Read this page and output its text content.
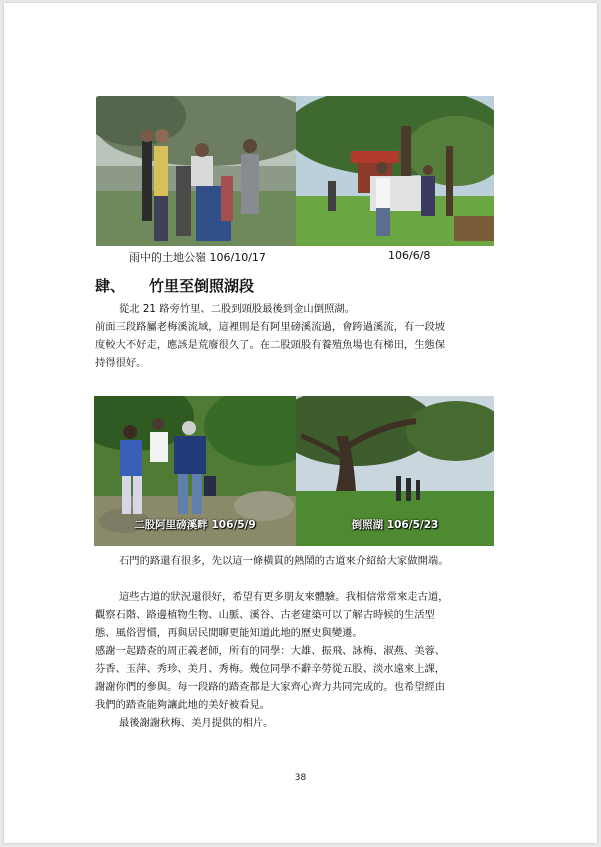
雨中的土地公嶺 106/10/17	106/6/8
肆、 竹里至倒照湖段

從北 21 路旁竹里、二股到頭股最後到金山倒照湖。
前面三段路屬老梅溪流域，這裡則是有阿里磅溪流過，會跨過溪流，有一段坡
度較大不好走，應該是荒廢很久了。在二股頭股有養殖魚場也有梯田，生態保
持得很好。

二股阿里磅溪畔 106/5/9	倒照湖 106/5/23

石門的路還有很多，先以這一條橫貫的熱鬧的古道來介紹給大家做開端。

這些古道的狀況還很好，希望有更多朋友來體驗。我相信常常來走古道，
觀察石階、路邊植物生物、山脈、溪谷、古老建築可以了解古時候的生活型
態、風俗習慣，再與居民閒聊更能知道此地的歷史與變遷。
感謝一起踏查的周正義老師，所有的同學：大雄、振飛、詠梅、淑燕、美蓉、
芬香、玉萍、秀珍、美月、秀梅。幾位同學不辭辛勞從五股、淡水遠來上課，
謝謝你們的參與。每一段路的踏查都是大家齊心齊力共同完成的。也希望經由
我們的踏查能夠讓此地的美好被看見。
最後謝謝秋梅、美月提供的相片。

38
